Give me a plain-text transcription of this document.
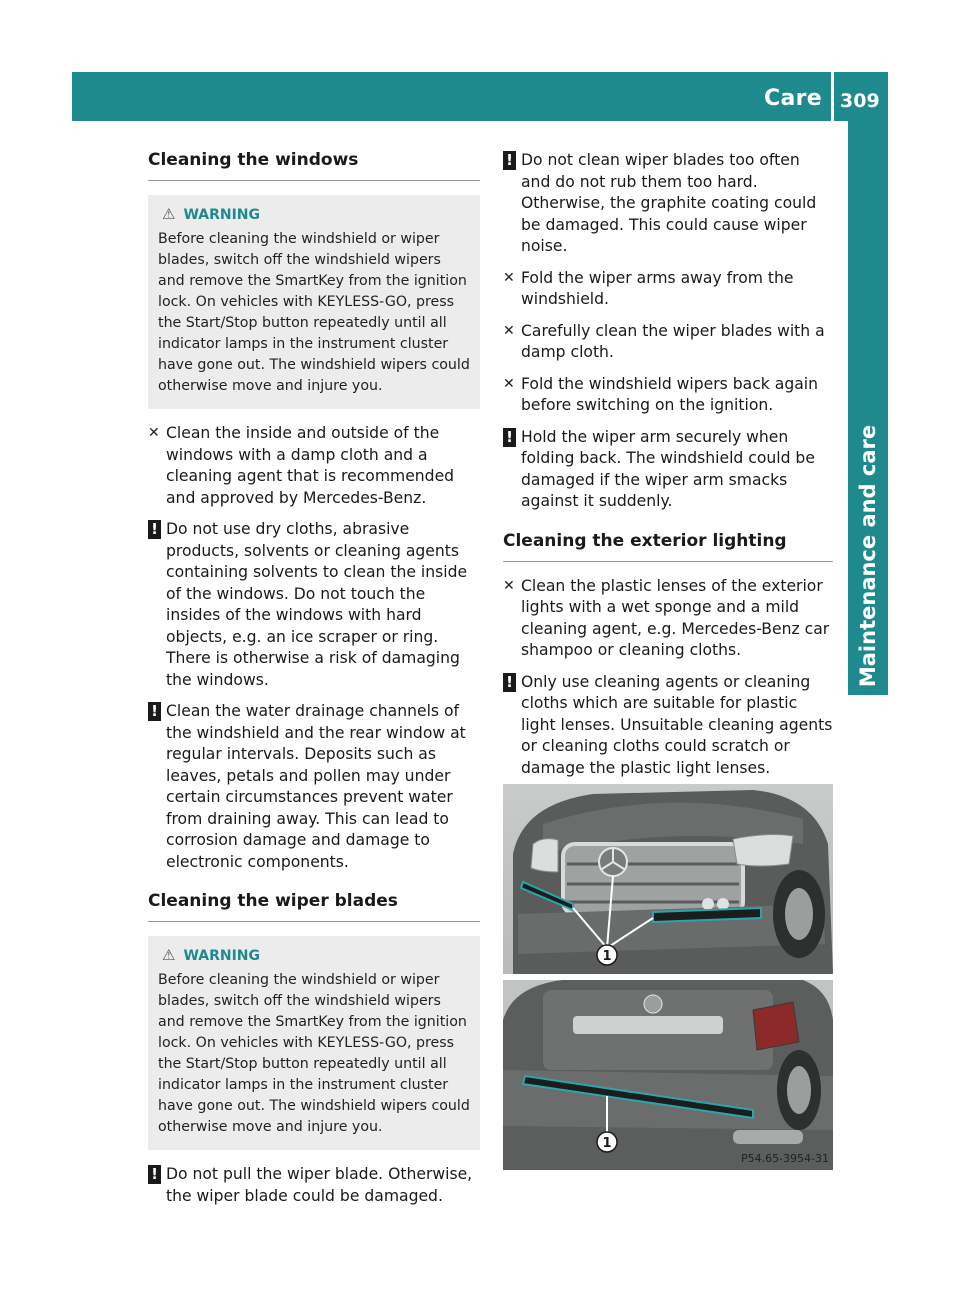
Care 309
Maintenance and care
Cleaning the windows
⚠ WARNING
Before cleaning the windshield or wiper blades, switch off the windshield wipers and remove the SmartKey from the ignition lock. On vehicles with KEYLESS-GO, press the Start/Stop button repeatedly until all indicator lamps in the instrument cluster have gone out. The windshield wipers could otherwise move and injure you.
✕ Clean the inside and outside of the windows with a damp cloth and a cleaning agent that is recommended and approved by Mercedes-Benz.
! Do not use dry cloths, abrasive products, solvents or cleaning agents containing solvents to clean the inside of the windows. Do not touch the insides of the windows with hard objects, e.g. an ice scraper or ring. There is otherwise a risk of damaging the windows.
! Clean the water drainage channels of the windshield and the rear window at regular intervals. Deposits such as leaves, petals and pollen may under certain circumstances prevent water from draining away. This can lead to corrosion damage and damage to electronic components.
Cleaning the wiper blades
⚠ WARNING
Before cleaning the windshield or wiper blades, switch off the windshield wipers and remove the SmartKey from the ignition lock. On vehicles with KEYLESS-GO, press the Start/Stop button repeatedly until all indicator lamps in the instrument cluster have gone out. The windshield wipers could otherwise move and injure you.
! Do not pull the wiper blade. Otherwise, the wiper blade could be damaged.
! Do not clean wiper blades too often and do not rub them too hard. Otherwise, the graphite coating could be damaged. This could cause wiper noise.
✕ Fold the wiper arms away from the windshield.
✕ Carefully clean the wiper blades with a damp cloth.
✕ Fold the windshield wipers back again before switching on the ignition.
! Hold the wiper arm securely when folding back. The windshield could be damaged if the wiper arm smacks against it suddenly.
Cleaning the exterior lighting
✕ Clean the plastic lenses of the exterior lights with a wet sponge and a mild cleaning agent, e.g. Mercedes-Benz car shampoo or cleaning cloths.
! Only use cleaning agents or cleaning cloths which are suitable for plastic light lenses. Unsuitable cleaning agents or cleaning cloths could scratch or damage the plastic light lenses.
1
1
P54.65-3954-31
